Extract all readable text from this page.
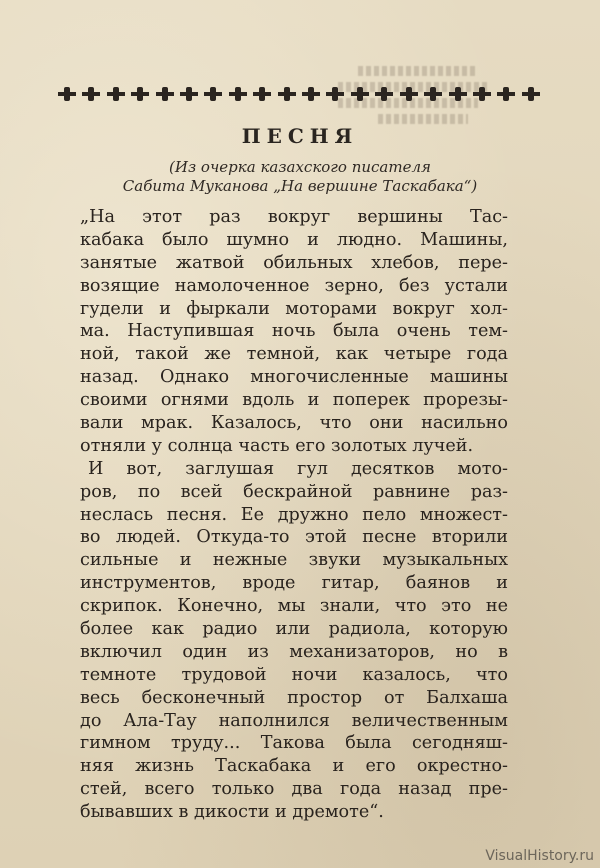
ПЕСНЯ
(Из очерка казахского писателя
Сабита Муканова „На вершине Таскабака“)
„На этот раз вокруг вершины Тас-
кабака было шумно и людно. Машины,
занятые жатвой обильных хлебов, пере-
возящие намолоченное зерно, без устали
гудели и фыркали моторами вокруг хол-
ма. Наступившая ночь была очень тем-
ной, такой же темной, как четыре года
назад. Однако многочисленные машины
своими огнями вдоль и поперек прорезы-
вали мрак. Казалось, что они насильно
отняли у солнца часть его золотых лучей.
И вот, заглушая гул десятков мото-
ров, по всей бескрайной равнине раз-
неслась песня. Ее дружно пело множест-
во людей. Откуда-то этой песне вторили
сильные и нежные звуки музыкальных
инструментов, вроде гитар, баянов и
скрипок. Конечно, мы знали, что это не
более как радио или радиола, которую
включил один из механизаторов, но в
темноте трудовой ночи казалось, что
весь бесконечный простор от Балхаша
до Ала-Тау наполнился величественным
гимном труду... Такова была сегодняш-
няя жизнь Таскабака и его окрестно-
стей, всего только два года назад пре-
бывавших в дикости и дремоте“.
VisualHistory.ru
